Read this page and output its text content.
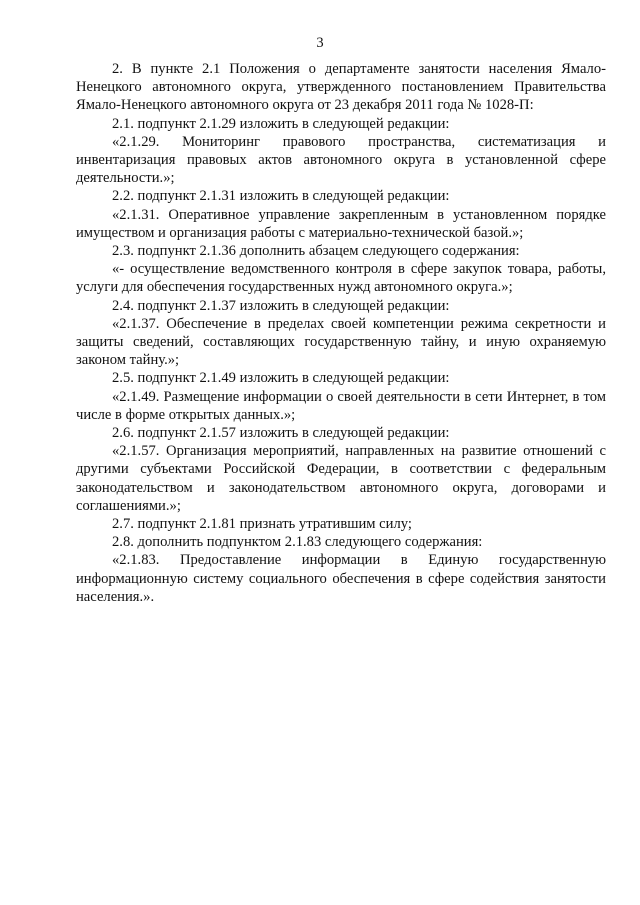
3

2. В пункте 2.1 Положения о департаменте занятости населения Ямало-Ненецкого автономного округа, утвержденного постановлением Правительства Ямало-Ненецкого автономного округа от 23 декабря 2011 года № 1028-П:

2.1. подпункт 2.1.29 изложить в следующей редакции:

«2.1.29. Мониторинг правового пространства, систематизация и инвентаризация правовых актов автономного округа в установленной сфере деятельности.»;

2.2. подпункт 2.1.31 изложить в следующей редакции:

«2.1.31. Оперативное управление закрепленным в установленном порядке имуществом и организация работы с материально-технической базой.»;

2.3. подпункт 2.1.36 дополнить абзацем следующего содержания:

«- осуществление ведомственного контроля в сфере закупок товара, работы, услуги для обеспечения государственных нужд автономного округа.»;

2.4. подпункт 2.1.37 изложить в следующей редакции:

«2.1.37. Обеспечение в пределах своей компетенции режима секретности и защиты сведений, составляющих государственную тайну, и иную охраняемую законом тайну.»;

2.5. подпункт 2.1.49 изложить в следующей редакции:

«2.1.49. Размещение информации о своей деятельности в сети Интернет, в том числе в форме открытых данных.»;

2.6. подпункт 2.1.57 изложить в следующей редакции:

«2.1.57. Организация мероприятий, направленных на развитие отношений с другими субъектами Российской Федерации, в соответствии с федеральным законодательством и законодательством автономного округа, договорами и соглашениями.»;

2.7. подпункт 2.1.81 признать утратившим силу;

2.8. дополнить подпунктом 2.1.83 следующего содержания:

«2.1.83. Предоставление информации в Единую государственную информационную систему социального обеспечения в сфере содействия занятости населения.».
